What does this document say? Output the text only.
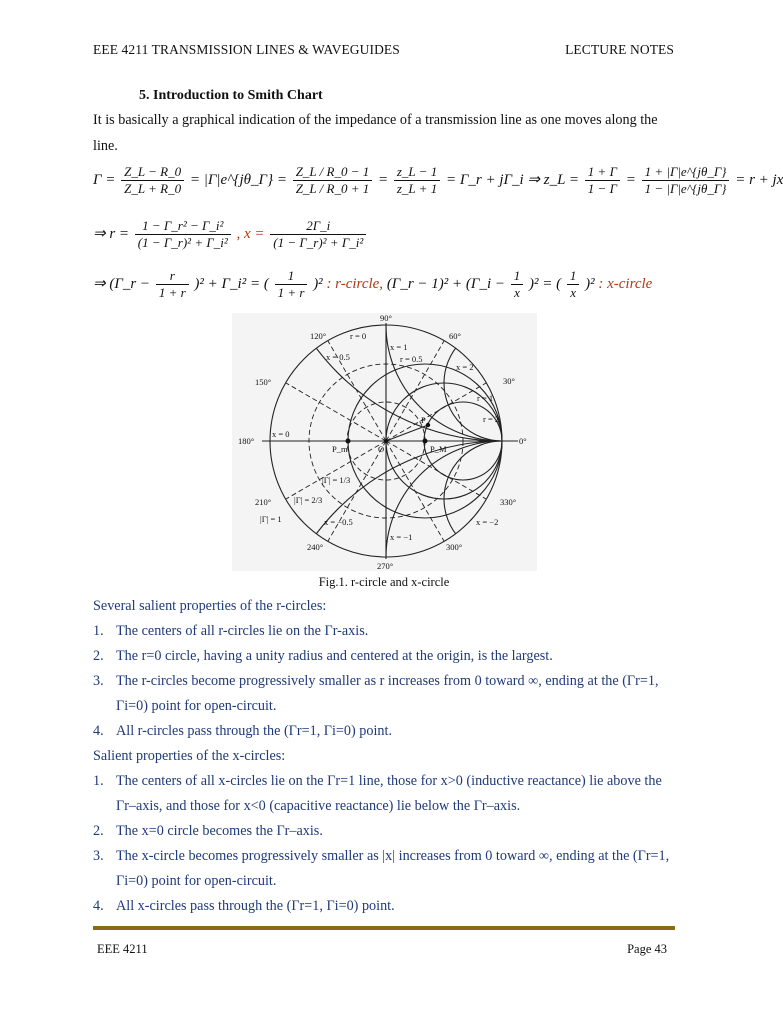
EEE 4211 TRANSMISSION LINES & WAVEGUIDES	LECTURE NOTES
5. Introduction to Smith Chart
It is basically a graphical indication of the impedance of a transmission line as one moves along the line.
$\Gamma = \frac{Z\_L - R\_0}{Z\_L + R\_0}$ = |Γ|e^{jθ_Γ} = $\frac{Z\_L / R\_0 - 1}{Z\_L / R\_0 + 1} = \frac{z\_L - 1}{z\_L + 1}$ = Γ_r + jΓ_i ⇒ z_L = $\frac{1 + \Gamma}{1 - \Gamma} = \frac{1 + |\Gamma|e\^{}\{j\theta\_\Gamma\}}{1 - |\Gamma|e\^{}\{j\theta\_\Gamma\}} = r$ + jx
⇒ $r = \frac{\text{1 − Γ\_r² − Γ\_i²}}{\text{(1 − Γ\_r)² + Γ\_i²}}$ , $x = \frac{2\Gamma\_i}{\text{(1 − Γ\_r)² + Γ\_i²}}$
⇒ (Γ_r − $\frac{r}{1 + r} )^2$ + Γ_i² = ( $\frac{1}{1 + r} )^2$ : r-circle, (Γ_r − 1)² + (Γ_i − $\frac{1}{x} )^2$ = ( $\frac{1}{x} )^2$ : x-circle
90°
60°
30°
0°
330°
300°
270°
240°
210°
180°
150°
120°	r = 0
r = 0.5
r = 1
r = 2
x = 0.5
x = 1
x = 2
x = 0
x = −0.5
x = −1
x = −2
|Γ| = 1/3
|Γ| = 2/3
|Γ| = 1
O
P_m	P_M
P
Fig.1. r-circle and x-circle
Several salient properties of the r-circles:
1. The centers of all r-circles lie on the Γr-axis.
2. The r=0 circle, having a unity radius and centered at the origin, is the largest.
3. The r-circles become progressively smaller as r increases from 0 toward ∞, ending at the (Γr=1, Γi=0) point for open-circuit.
4. All r-circles pass through the (Γr=1, Γi=0) point.
Salient properties of the x-circles:
1. The centers of all x-circles lie on the Γr=1 line, those for x>0 (inductive reactance) lie above the Γr–axis, and those for x<0 (capacitive reactance) lie below the Γr–axis.
2. The x=0 circle becomes the Γr–axis.
3. The x-circle becomes progressively smaller as |x| increases from 0 toward ∞, ending at the (Γr=1, Γi=0) point for open-circuit.
4. All x-circles pass through the (Γr=1, Γi=0) point.
EEE 4211	Page 43
